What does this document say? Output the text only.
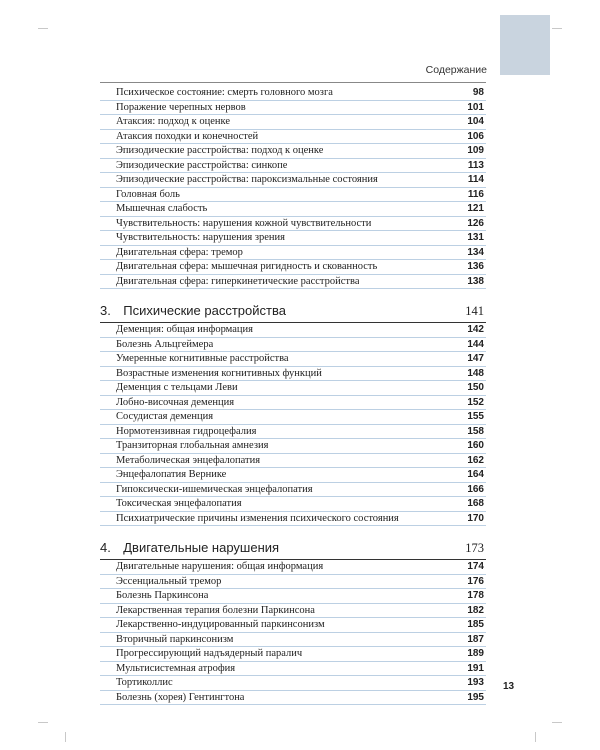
Содержание
Психическое состояние: смерть головного мозга	98
Поражение черепных нервов	101
Атаксия: подход к оценке	104
Атаксия походки и конечностей	106
Эпизодические расстройства: подход к оценке	109
Эпизодические расстройства: синкопе	113
Эпизодические расстройства: пароксизмальные состояния	114
Головная боль	116
Мышечная слабость	121
Чувствительность: нарушения кожной чувствительности	126
Чувствительность: нарушения зрения	131
Двигательная сфера: тремор	134
Двигательная сфера: мышечная ригидность и скованность	136
Двигательная сфера: гиперкинетические расстройства	138
3. Психические расстройства	141
Деменция: общая информация	142
Болезнь Альцгеймера	144
Умеренные когнитивные расстройства	147
Возрастные изменения когнитивных функций	148
Деменция с тельцами Леви	150
Лобно-височная деменция	152
Сосудистая деменция	155
Нормотензивная гидроцефалия	158
Транзиторная глобальная амнезия	160
Метаболическая энцефалопатия	162
Энцефалопатия Вернике	164
Гипоксически-ишемическая энцефалопатия	166
Токсическая энцефалопатия	168
Психиатрические причины изменения психического состояния	170
4. Двигательные нарушения	173
Двигательные нарушения: общая информация	174
Эссенциальный тремор	176
Болезнь Паркинсона	178
Лекарственная терапия болезни Паркинсона	182
Лекарственно-индуцированный паркинсонизм	185
Вторичный паркинсонизм	187
Прогрессирующий надъядерный паралич	189
Мультисистемная атрофия	191
Тортиколлис	193
Болезнь (хорея) Гентингтона	195
13
